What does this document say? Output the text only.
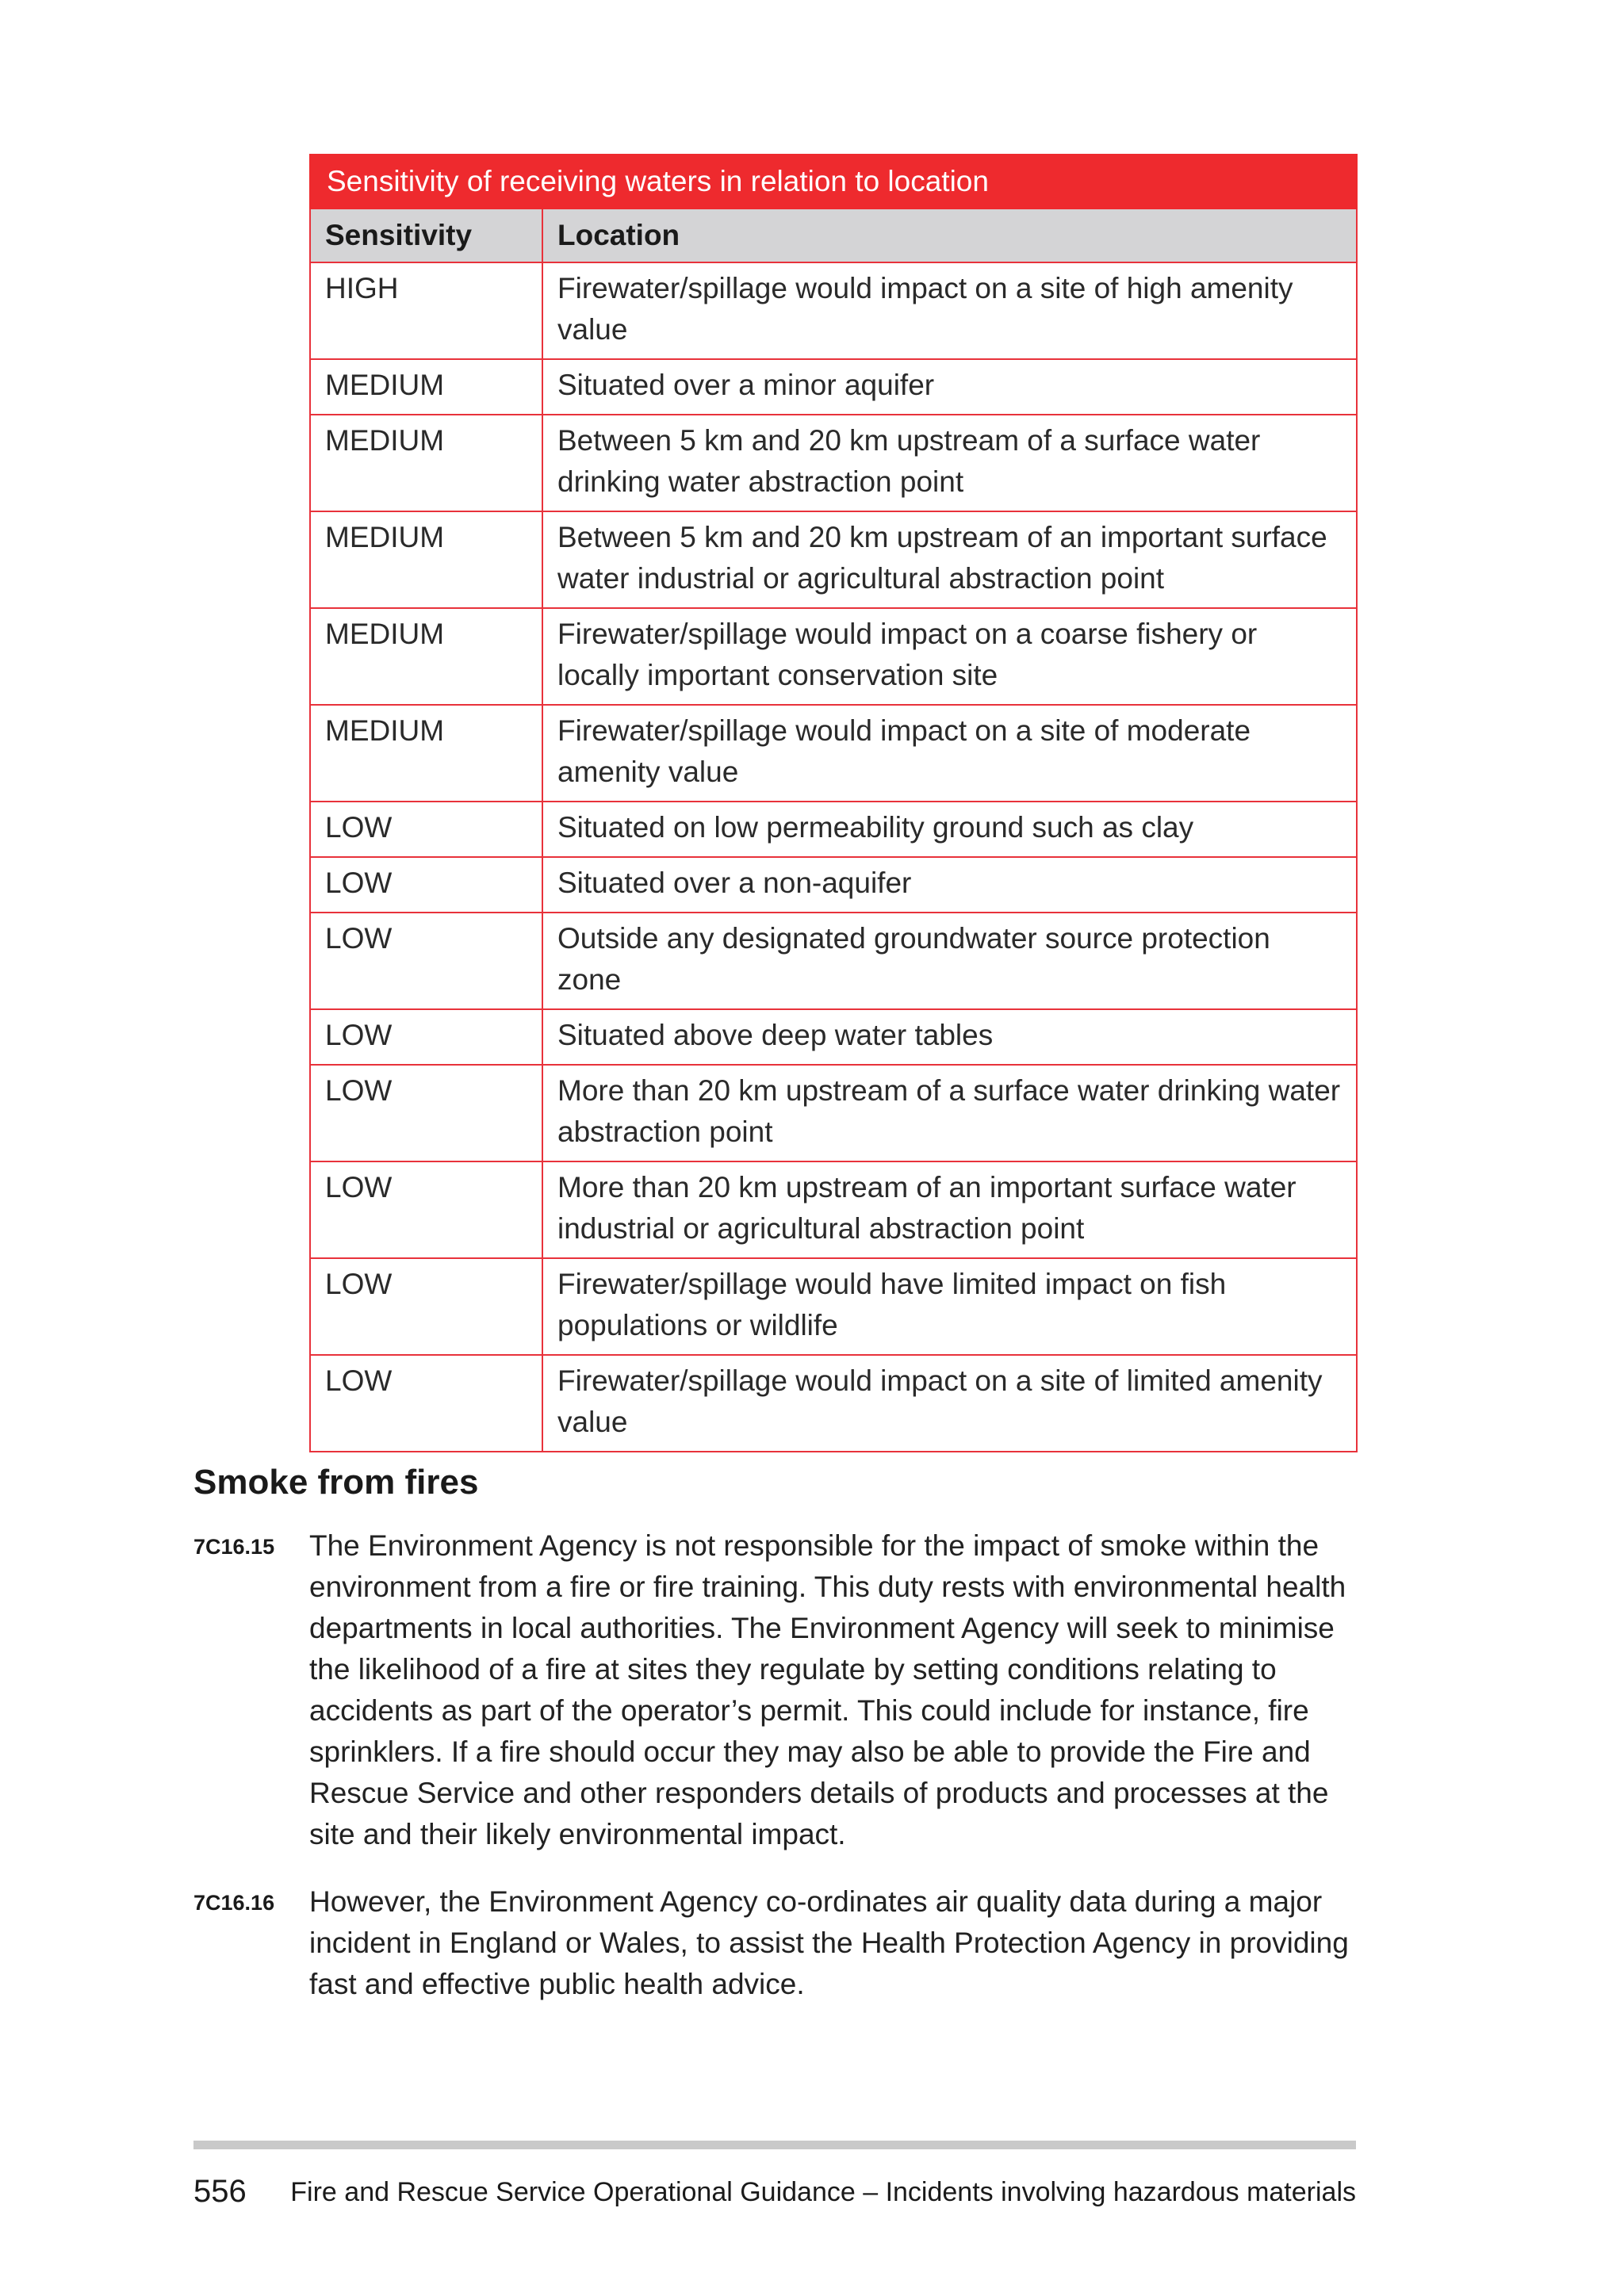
Sensitivity of receiving waters in relation to location	
Sensitivity	Location
HIGH	Firewater/spillage would impact on a site of high amenity value
MEDIUM	Situated over a minor aquifer
MEDIUM	Between 5 km and 20 km upstream of a surface water drinking water abstraction point
MEDIUM	Between 5 km and 20 km upstream of an important surface water industrial or agricultural abstraction point
MEDIUM	Firewater/spillage would impact on a coarse fishery or locally important conservation site
MEDIUM	Firewater/spillage would impact on a site of moderate amenity value
LOW	Situated on low permeability ground such as clay
LOW	Situated over a non-aquifer
LOW	Outside any designated groundwater source protection zone
LOW	Situated above deep water tables
LOW	More than 20 km upstream of a surface water drinking water abstraction point
LOW	More than 20 km upstream of an important surface water industrial or agricultural abstraction point
LOW	Firewater/spillage would have limited impact on fish populations or wildlife
LOW	Firewater/spillage would impact on a site of limited amenity value
Smoke from fires
7C16.15 The Environment Agency is not responsible for the impact of smoke within the environment from a fire or fire training. This duty rests with environmental health departments in local authorities. The Environment Agency will seek to minimise the likelihood of a fire at sites they regulate by setting conditions relating to accidents as part of the operator’s permit. This could include for instance, fire sprinklers. If a fire should occur they may also be able to provide the Fire and Rescue Service and other responders details of products and processes at the site and their likely environmental impact.
7C16.16 However, the Environment Agency co-ordinates air quality data during a major incident in England or Wales, to assist the Health Protection Agency in providing fast and effective public health advice.
556 Fire and Rescue Service Operational Guidance – Incidents involving hazardous materials
